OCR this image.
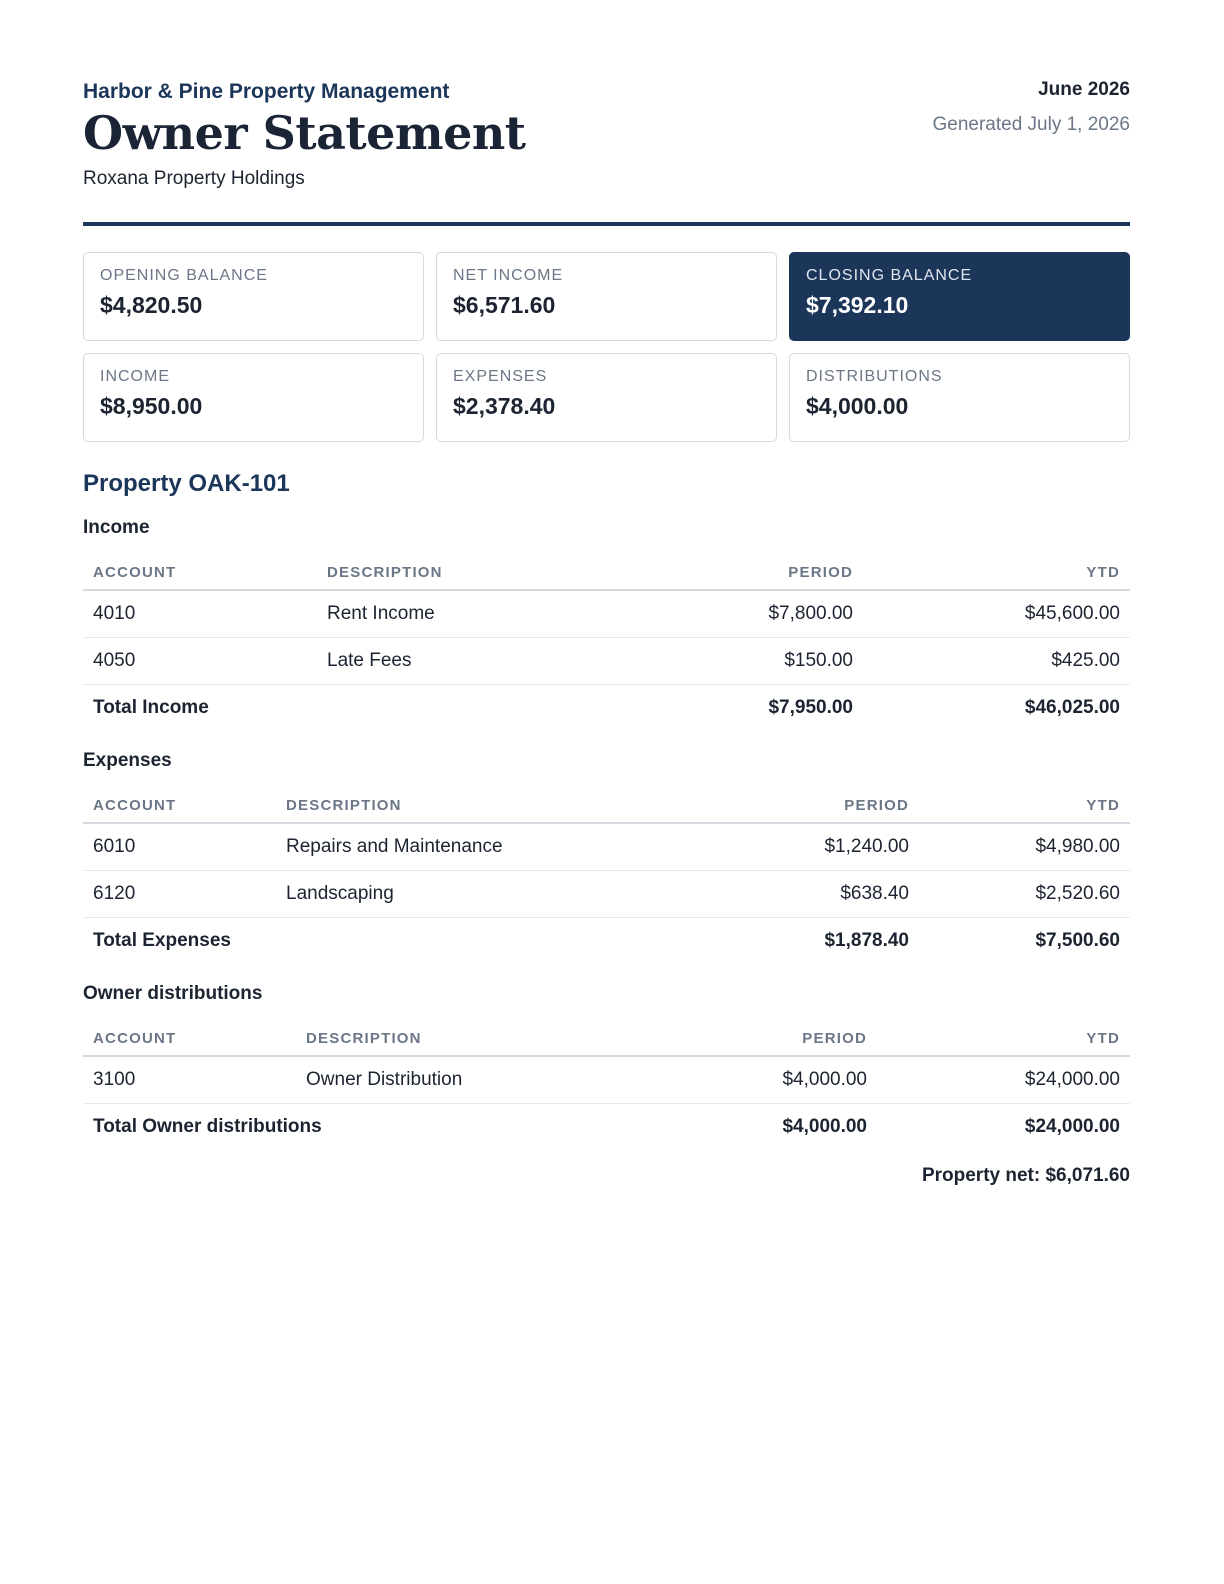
Harbor & Pine Property Management
Owner Statement
Roxana Property Holdings
June 2026
Generated July 1, 2026
OPENING BALANCE
$4,820.50
NET INCOME
$6,571.60
CLOSING BALANCE
$7,392.10
INCOME
$8,950.00
EXPENSES
$2,378.40
DISTRIBUTIONS
$4,000.00
Property OAK-101
Income
ACCOUNT	DESCRIPTION	PERIOD	YTD
4010	Rent Income	$7,800.00	$45,600.00
4050	Late Fees	$150.00	$425.00
Total Income		$7,950.00	$46,025.00
Expenses
ACCOUNT	DESCRIPTION	PERIOD	YTD
6010	Repairs and Maintenance	$1,240.00	$4,980.00
6120	Landscaping	$638.40	$2,520.60
Total Expenses		$1,878.40	$7,500.60
Owner distributions
ACCOUNT	DESCRIPTION	PERIOD	YTD
3100	Owner Distribution	$4,000.00	$24,000.00
Total Owner distributions		$4,000.00	$24,000.00
Property net: $6,071.60
